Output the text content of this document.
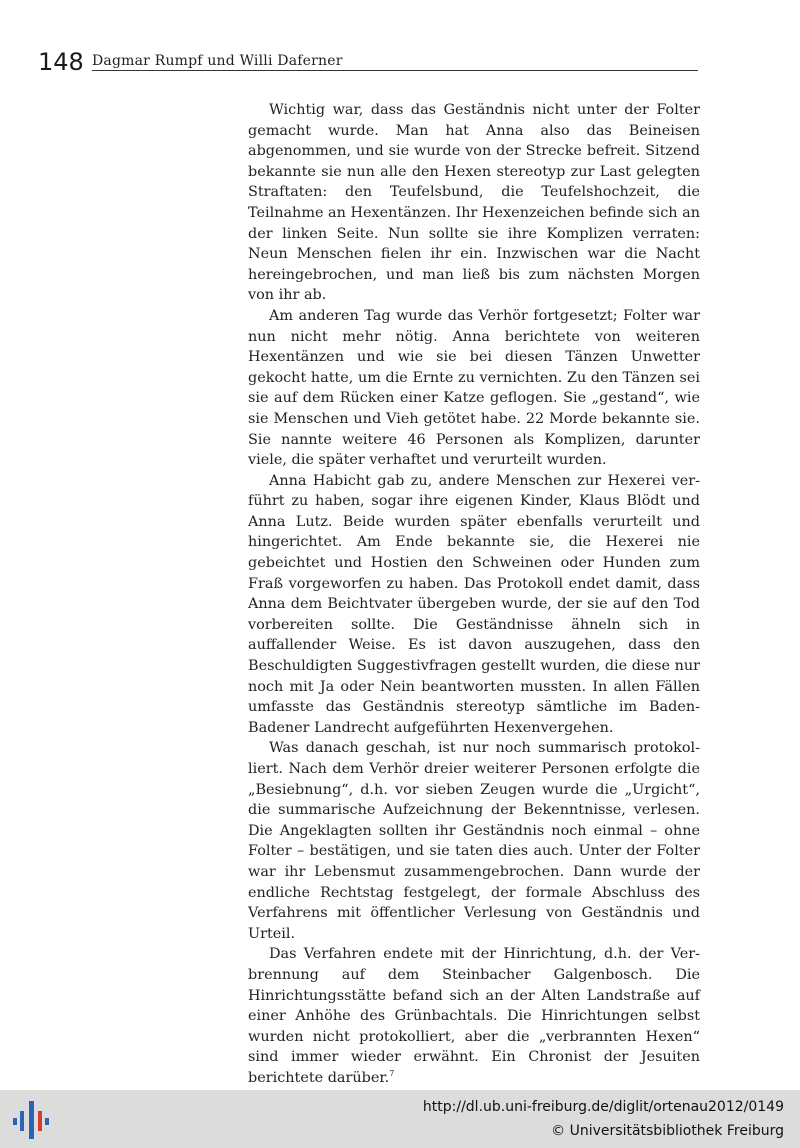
148 Dagmar Rumpf und Willi Daferner

Wichtig war, dass das Geständnis nicht unter der Folter gemacht wurde. Man hat Anna also das Beineisen abgenommen, und sie wurde von der Strecke befreit. Sitzend bekannte sie nun alle den Hexen stereotyp zur Last gelegten Straftaten: den Teufelsbund, die Teufelshochzeit, die Teilnahme an Hexentänzen. Ihr Hexenzeichen befinde sich an der linken Seite. Nun sollte sie ihre Komplizen verraten: Neun Menschen fielen ihr ein. Inzwischen war die Nacht hereingebrochen, und man ließ bis zum nächsten Morgen von ihr ab.

Am anderen Tag wurde das Verhör fortgesetzt; Folter war nun nicht mehr nötig. Anna berichtete von weiteren Hexentänzen und wie sie bei diesen Tänzen Unwetter gekocht hatte, um die Ernte zu vernichten. Zu den Tänzen sei sie auf dem Rücken einer Katze geflogen. Sie „gestand“, wie sie Menschen und Vieh getötet habe. 22 Morde bekannte sie. Sie nannte weitere 46 Personen als Komplizen, darunter viele, die später verhaftet und verurteilt wurden.

Anna Habicht gab zu, andere Menschen zur Hexerei verführt zu haben, sogar ihre eigenen Kinder, Klaus Blödt und Anna Lutz. Beide wurden später ebenfalls verurteilt und hingerichtet. Am Ende bekannte sie, die Hexerei nie gebeichtet und Hostien den Schweinen oder Hunden zum Fraß vorgeworfen zu haben. Das Protokoll endet damit, dass Anna dem Beichtvater übergeben wurde, der sie auf den Tod vorbereiten sollte. Die Geständnisse ähneln sich in auffallender Weise. Es ist davon auszugehen, dass den Beschuldigten Suggestivfragen gestellt wurden, die diese nur noch mit Ja oder Nein beantworten mussten. In allen Fällen umfasste das Geständnis stereotyp sämtliche im Baden-Badener Landrecht aufgeführten Hexenvergehen.

Was danach geschah, ist nur noch summarisch protokolliert. Nach dem Verhör dreier weiterer Personen erfolgte die „Besiebnung“, d.h. vor sieben Zeugen wurde die „Urgicht“, die summarische Aufzeichnung der Bekenntnisse, verlesen. Die Angeklagten sollten ihr Geständnis noch einmal – ohne Folter – bestätigen, und sie taten dies auch. Unter der Folter war ihr Lebensmut zusammengebrochen. Dann wurde der endliche Rechtstag festgelegt, der formale Abschluss des Verfahrens mit öffentlicher Verlesung von Geständnis und Urteil.

Das Verfahren endete mit der Hinrichtung, d.h. der Verbrennung auf dem Steinbacher Galgenbosch. Die Hinrichtungsstätte befand sich an der Alten Landstraße auf einer Anhöhe des Grünbachtals. Die Hinrichtungen selbst wurden nicht protokolliert, aber die „verbrannten Hexen“ sind immer wieder erwähnt. Ein Chronist der Jesuiten berichtete darüber.$^7$

http://dl.ub.uni-freiburg.de/diglit/ortenau2012/0149
© Universitätsbibliothek Freiburg
